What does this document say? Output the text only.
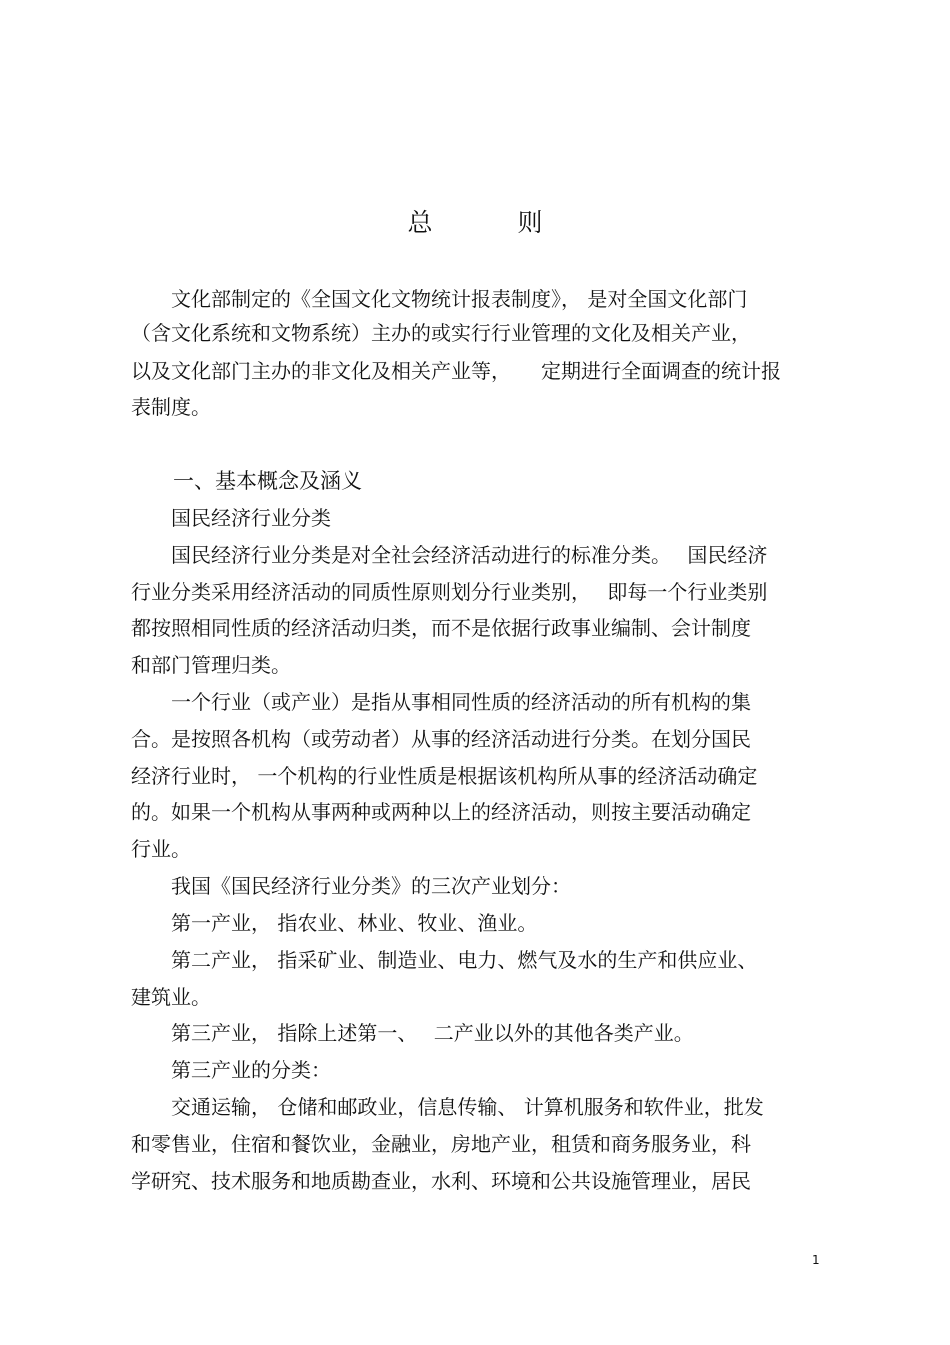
总　则
　　文化部制定的《全国文化文物统计报表制度》， 是对全国文化部门
（含文化系统和文物系统）主办的或实行行业管理的文化及相关产业，
以及文化部门主办的非文化及相关产业等，　　定期进行全面调查的统计报
表制度。
　　一、基本概念及涵义
　　国民经济行业分类
　　国民经济行业分类是对全社会经济活动进行的标准分类。　 国民经济
行业分类采用经济活动的同质性原则划分行业类别，　 即每一个行业类别
都按照相同性质的经济活动归类，而不是依据行政事业编制、会计制度
和部门管理归类。
　　一个行业（或产业）是指从事相同性质的经济活动的所有机构的集
合。是按照各机构（或劳动者）从事的经济活动进行分类。在划分国民
经济行业时， 一个机构的行业性质是根据该机构所从事的经济活动确定
的。如果一个机构从事两种或两种以上的经济活动，则按主要活动确定
行业。
　　我国《国民经济行业分类》的三次产业划分：
　　第一产业， 指农业、林业、牧业、渔业。
　　第二产业， 指采矿业、制造业、电力、燃气及水的生产和供应业、
建筑业。
　　第三产业， 指除上述第一、　 二产业以外的其他各类产业。
　　第三产业的分类：
　　交通运输， 仓储和邮政业，信息传输、 计算机服务和软件业，批发
和零售业，住宿和餐饮业，金融业，房地产业，租赁和商务服务业，科
学研究、技术服务和地质勘查业，水利、环境和公共设施管理业，居民
1
